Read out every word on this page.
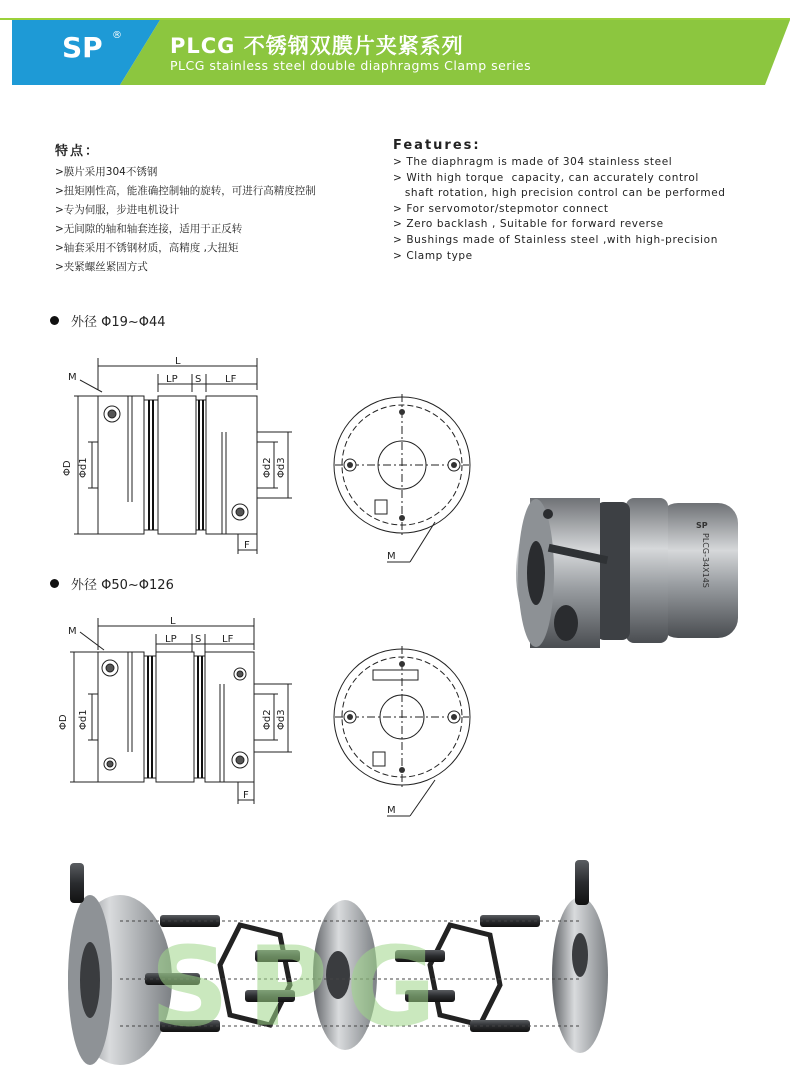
SP ® PLCG 不锈钢双膜片夹紧系列
PLCG stainless steel double diaphragms Clamp series
特点：
>膜片采用304不锈钢
>扭矩刚性高，能准确控制轴的旋转，可进行高精度控制
>专为伺服，步进电机设计
>无间隙的轴和轴套连接，适用于正反转
>轴套采用不锈钢材质，高精度 ,大扭矩
>夹紧螺丝紧固方式
Features:
> The diaphragm is made of 304 stainless steel
> With high torque  capacity, can accurately control
shaft rotation, high precision control can be performed
> For servomotor/stepmotor connect
> Zero backlash , Suitable for forward reverse
> Bushings made of Stainless steel ,with high-precision
> Clamp type
外径 Φ19~Φ44
外径 Φ50~Φ126
L
LP S LF
M
F
ΦD Φd1	Φd2 Φd3
M	PLCG-34X14S
SP
L
LP S LF
M
F
ΦD Φd1	Φd2 Φd3
M
SPG
